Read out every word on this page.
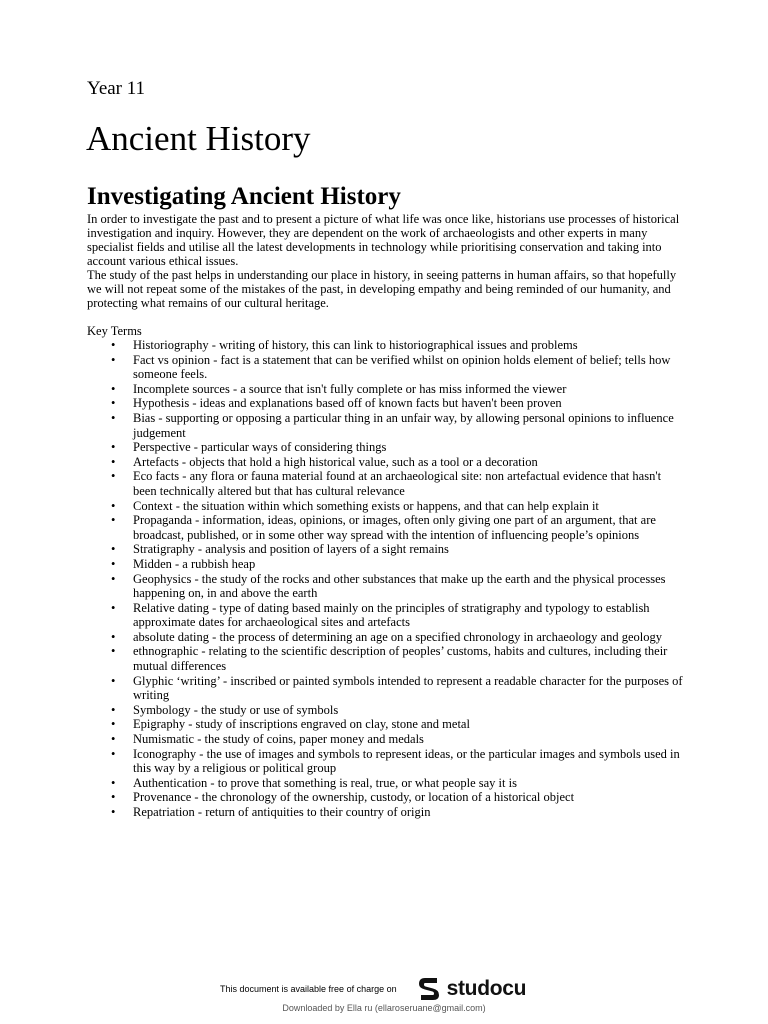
Year 11
Ancient History
Investigating Ancient History

In order to investigate the past and to present a picture of what life was once like, historians use processes of historical investigation and inquiry. However, they are dependent on the work of archaeologists and other experts in many specialist fields and utilise all the latest developments in technology while prioritising conservation and taking into account various ethical issues.

The study of the past helps in understanding our place in history, in seeing patterns in human affairs, so that hopefully we will not repeat some of the mistakes of the past, in developing empathy and being reminded of our humanity, and protecting what remains of our cultural heritage.

Key Terms

• Historiography - writing of history, this can link to historiographical issues and problems
• Fact vs opinion - fact is a statement that can be verified whilst on opinion holds element of belief; tells how someone feels.
• Incomplete sources - a source that isn't fully complete or has miss informed the viewer
• Hypothesis - ideas and explanations based off of known facts but haven't been proven
• Bias - supporting or opposing a particular thing in an unfair way, by allowing personal opinions to influence judgement
• Perspective - particular ways of considering things
• Artefacts - objects that hold a high historical value, such as a tool or a decoration
• Eco facts - any flora or fauna material found at an archaeological site: non artefactual evidence that hasn't been technically altered but that has cultural relevance
• Context - the situation within which something exists or happens, and that can help explain it
• Propaganda - information, ideas, opinions, or images, often only giving one part of an argument, that are broadcast, published, or in some other way spread with the intention of influencing people’s opinions
• Stratigraphy - analysis and position of layers of a sight remains
• Midden - a rubbish heap
• Geophysics - the study of the rocks and other substances that make up the earth and the physical processes happening on, in and above the earth
• Relative dating - type of dating based mainly on the principles of stratigraphy and typology to establish approximate dates for archaeological sites and artefacts
• absolute dating - the process of determining an age on a specified chronology in archaeology and geology
• ethnographic - relating to the scientific description of peoples’ customs, habits and cultures, including their mutual differences
• Glyphic ‘writing’ - inscribed or painted symbols intended to represent a readable character for the purposes of writing
• Symbology - the study or use of symbols
• Epigraphy - study of inscriptions engraved on clay, stone and metal
• Numismatic - the study of coins, paper money and medals
• Iconography - the use of images and symbols to represent ideas, or the particular images and symbols used in this way by a religious or political group
• Authentication - to prove that something is real, true, or what people say it is
• Provenance - the chronology of the ownership, custody, or location of a historical object
• Repatriation - return of antiquities to their country of origin
This document is available free of charge on studocu
Downloaded by Ella ru (ellaroseruane@gmail.com)
